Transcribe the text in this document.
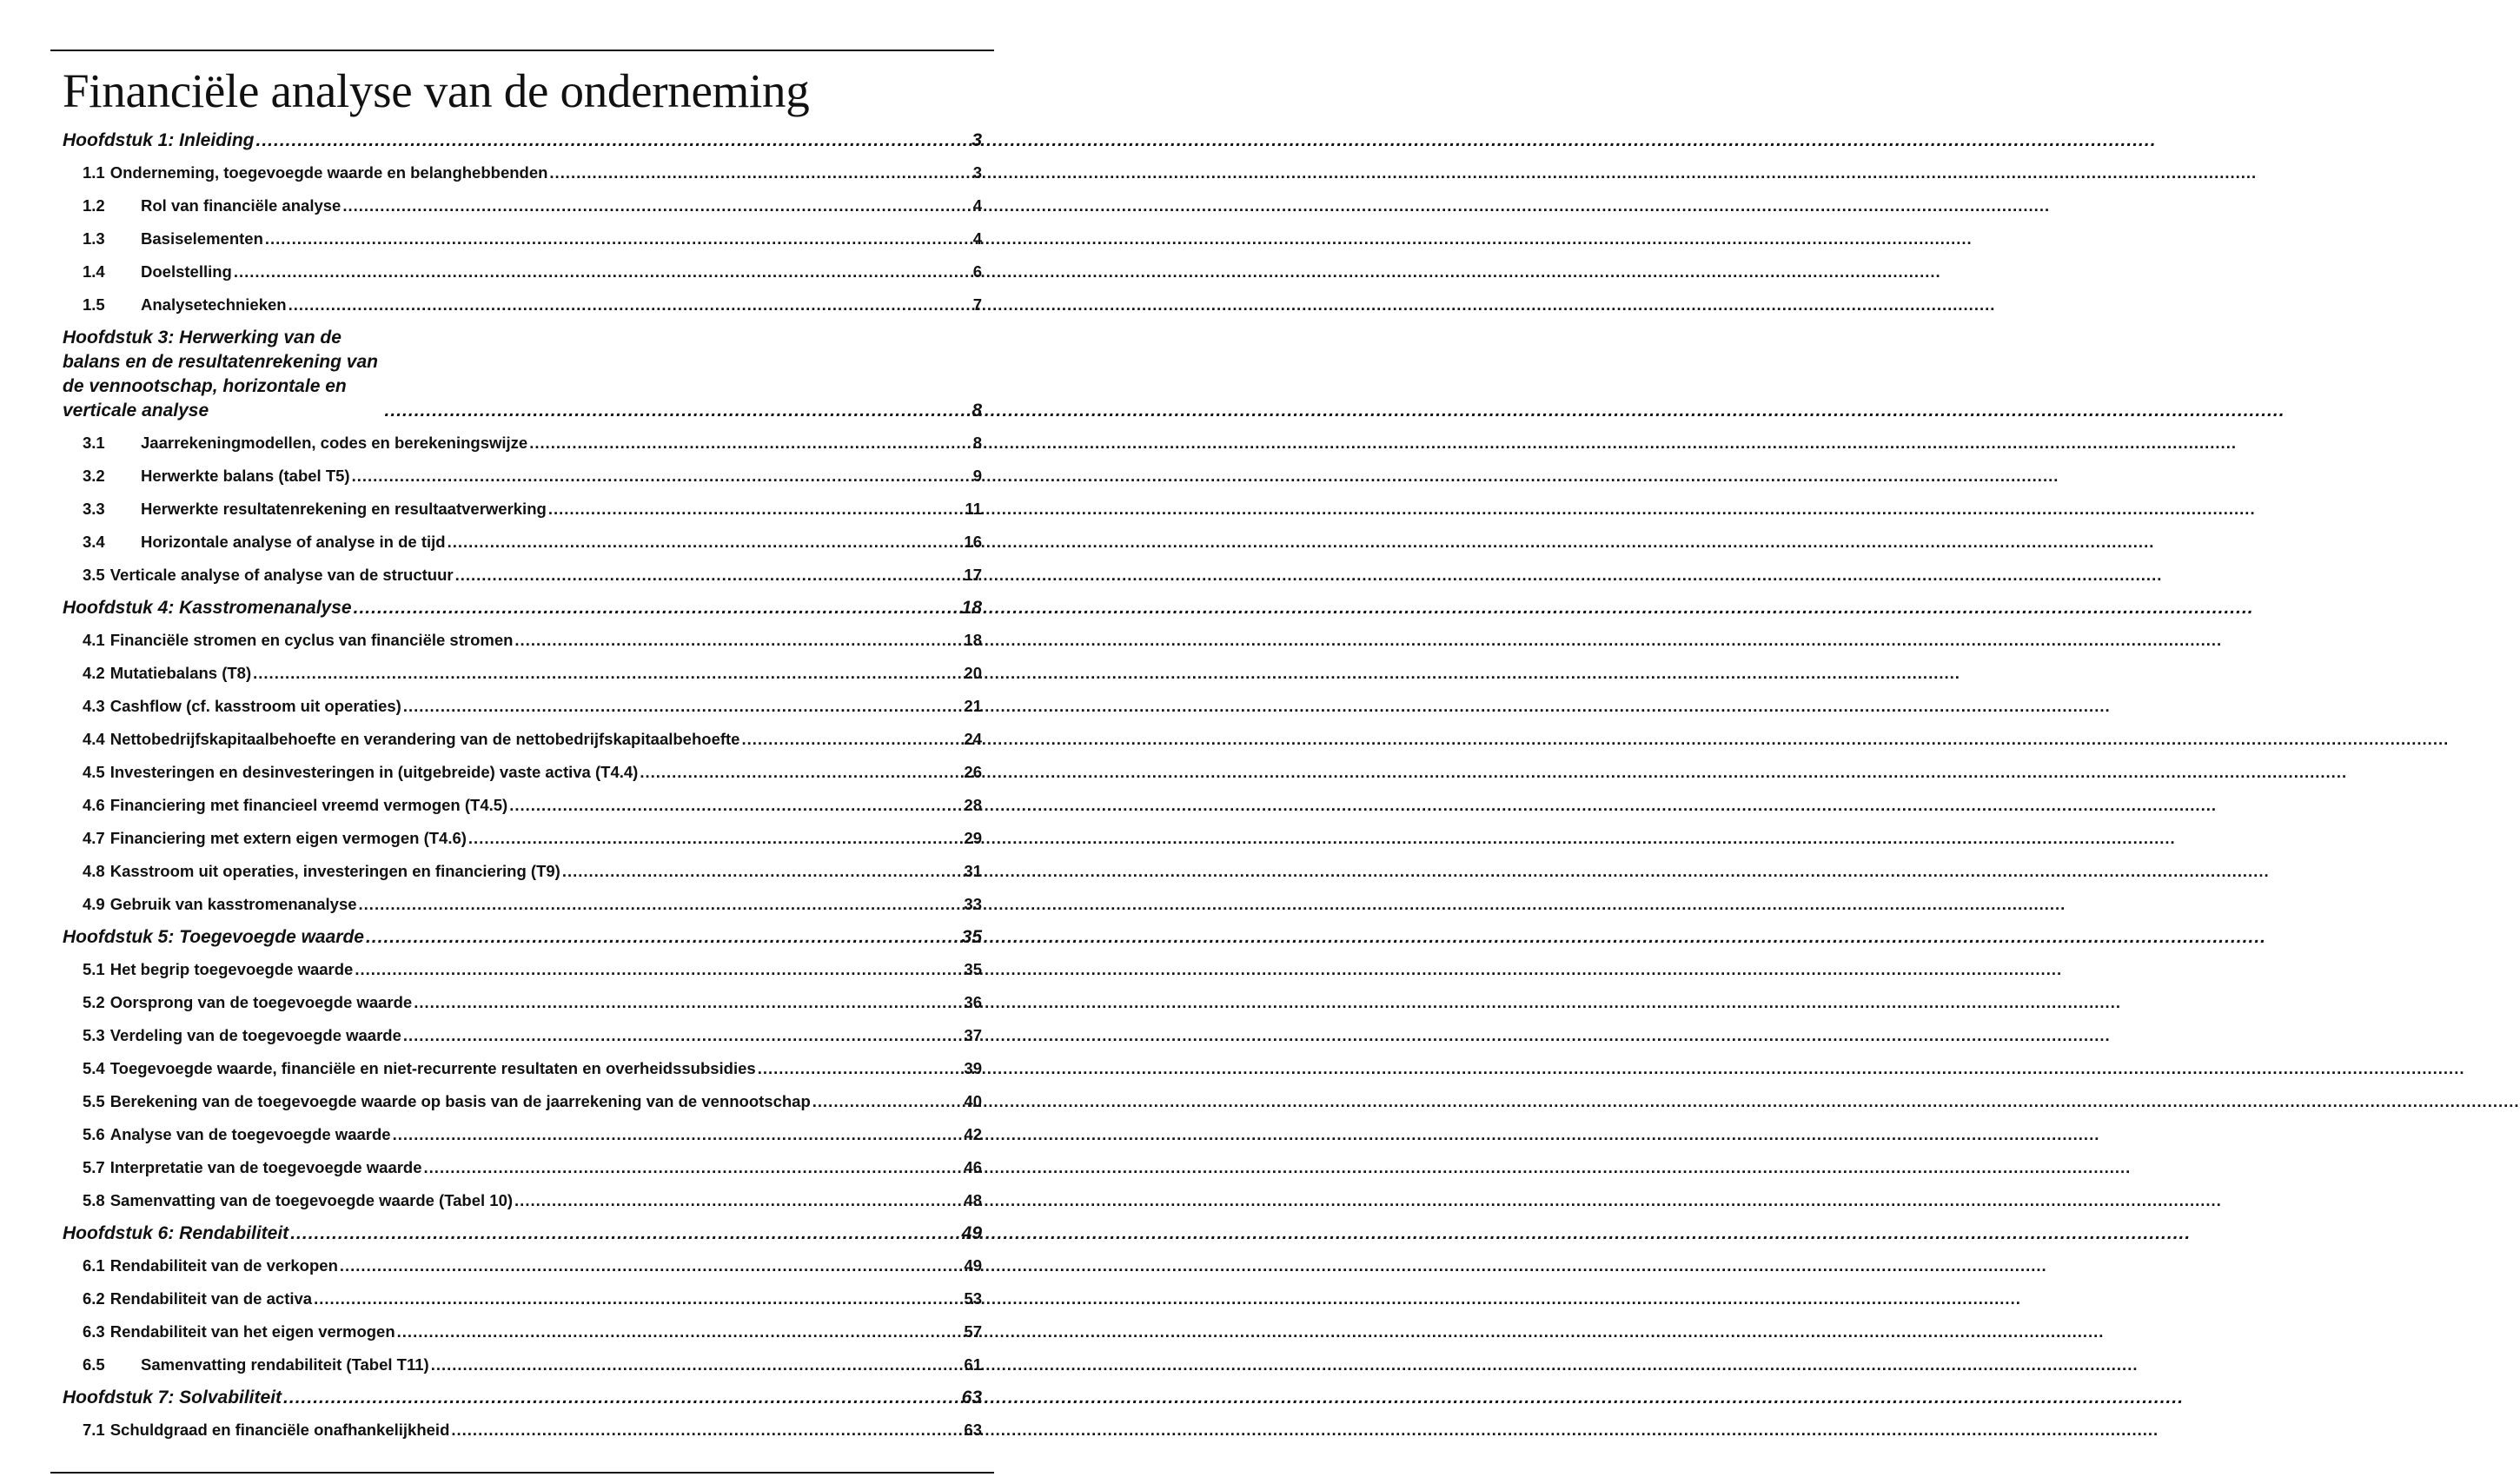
Financiële analyse van de onderneming
Hoofdstuk 1: Inleiding .....	3
1.1 Onderneming, toegevoegde waarde en belanghebbenden .....	3
1.2 Rol van financiële analyse .....	4
1.3 Basiselementen .....	4
1.4 Doelstelling .....	6
1.5 Analysetechnieken .....	7
Hoofdstuk 3: Herwerking van de balans en de resultatenrekening van de vennootschap, horizontale en verticale analyse .....	8
3.1 Jaarrekeningmodellen, codes en berekeningswijze .....	8
3.2 Herwerkte balans (tabel T5) .....	9
3.3 Herwerkte resultatenrekening en resultaatverwerking .....	11
3.4 Horizontale analyse of analyse in de tijd .....	16
3.5 Verticale analyse of analyse van de structuur .....	17
Hoofdstuk 4: Kasstromenanalyse .....	18
4.1 Financiële stromen en cyclus van financiële stromen .....	18
4.2 Mutatiebalans (T8) .....	20
4.3 Cashflow (cf. kasstroom uit operaties) .....	21
4.4 Nettobedrijfskapitaalbehoefte en verandering van de nettobedrijfskapitaalbehoefte .....	24
4.5 Investeringen en desinvesteringen in (uitgebreide) vaste activa (T4.4) .....	26
4.6 Financiering met financieel vreemd vermogen (T4.5) .....	28
4.7 Financiering met extern eigen vermogen (T4.6) .....	29
4.8 Kasstroom uit operaties, investeringen en financiering (T9) .....	31
4.9 Gebruik van kasstromenanalyse .....	33
Hoofdstuk 5: Toegevoegde waarde .....	35
5.1 Het begrip toegevoegde waarde .....	35
5.2 Oorsprong van de toegevoegde waarde .....	36
5.3 Verdeling van de toegevoegde waarde .....	37
5.4 Toegevoegde waarde, financiële en niet-recurrente resultaten en overheidssubsidies .....	39
5.5 Berekening van de toegevoegde waarde op basis van de jaarrekening van de vennootschap .....	40
5.6 Analyse van de toegevoegde waarde .....	42
5.7 Interpretatie van de toegevoegde waarde .....	46
5.8 Samenvatting van de toegevoegde waarde (Tabel 10) .....	48
Hoofdstuk 6: Rendabiliteit .....	49
6.1 Rendabiliteit van de verkopen .....	49
6.2 Rendabiliteit van de activa .....	53
6.3 Rendabiliteit van het eigen vermogen .....	57
6.5 Samenvatting rendabiliteit (Tabel T11) .....	61
Hoofdstuk 7: Solvabiliteit .....	63
7.1 Schuldgraad en financiële onafhankelijkheid .....	63
